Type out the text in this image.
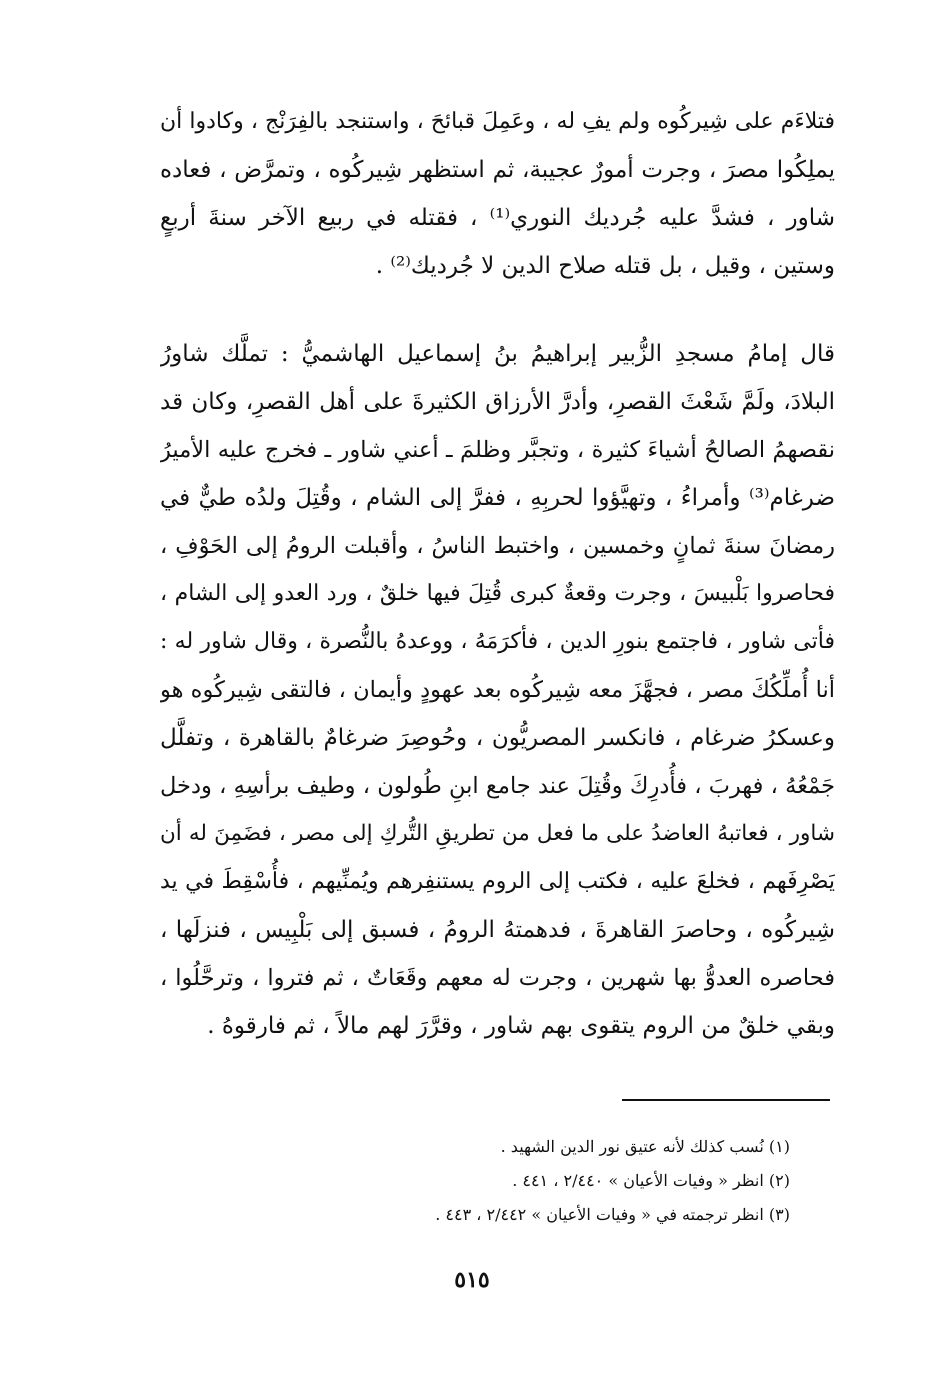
فتلاءَم على شِيركُوه ولم يفِ له ، وعَمِلَ قبائحَ ، واستنجد بالفِرَنْج ، وكادوا أن
يملِكُوا مصرَ ، وجرت أمورٌ عجيبة، ثم استظهر شِيركُوه ، وتمرَّض ، فعاده
شاور ، فشدَّ عليه جُرديك النوري⁽¹⁾ ، فقتله في ربيع الآخر سنةَ أربعٍ
وستين ، وقيل ، بل قتله صلاح الدين لا جُرديك⁽²⁾ .
قال إمامُ مسجدِ الزُّبير إبراهيمُ بنُ إسماعيل الهاشميُّ : تملَّك شاورُ
البلادَ، ولَمَّ شَعْثَ القصرِ، وأدرَّ الأرزاق الكثيرةَ على أهل القصرِ، وكان قد
نقصهمُ الصالحُ أشياءَ كثيرة ، وتجبَّر وظلمَ ـ أعني شاور ـ فخرج عليه الأميرُ
ضرغام⁽³⁾ وأمراءُ ، وتهيَّؤوا لحربِهِ ، ففرَّ إلى الشام ، وقُتِلَ ولدُه طيٌّ في
رمضانَ سنةَ ثمانٍ وخمسين ، واختبط الناسُ ، وأقبلت الرومُ إلى الحَوْفِ ،
فحاصروا بَلْبيسَ ، وجرت وقعةٌ كبرى قُتِلَ فيها خلقٌ ، ورد العدو إلى الشام ،
فأتى شاور ، فاجتمع بنورِ الدين ، فأكرَمَهُ ، ووعدهُ بالنُّصرة ، وقال شاور له :
أنا أُملِّكُكَ مصر ، فجهَّزَ معه شِيركُوه بعد عهودٍ وأيمان ، فالتقى شِيركُوه هو
وعسكرُ ضرغام ، فانكسر المصريُّون ، وحُوصِرَ ضرغامٌ بالقاهرة ، وتفلَّل
جَمْعُهُ ، فهربَ ، فأُدرِكَ وقُتِلَ عند جامع ابنِ طُولون ، وطيف برأسِهِ ، ودخل
شاور ، فعاتبهُ العاضدُ على ما فعل من تطريقِ التُّركِ إلى مصر ، فضَمِنَ له أن
يَصْرِفَهم ، فخلعَ عليه ، فكتب إلى الروم يستنفِرهم ويُمنِّيهم ، فأُسْقِطَ في يد
شِيركُوه ، وحاصرَ القاهرةَ ، فدهمتهُ الرومُ ، فسبق إلى بَلْبِيس ، فنزلَها ،
فحاصره العدوُّ بها شهرين ، وجرت له معهم وقَعَاتٌ ، ثم فتروا ، وترحَّلُوا ،
وبقي خلقٌ من الروم يتقوى بهم شاور ، وقرَّرَ لهم مالاً ، ثم فارقوهُ .
(١) نُسب كذلك لأنه عتيق نور الدين الشهيد .
(٢) انظر « وفيات الأعيان » ٢/٤٤٠ ، ٤٤١ .
(٣) انظر ترجمته في « وفيات الأعيان » ٢/٤٤٢ ، ٤٤٣ .
٥١٥
